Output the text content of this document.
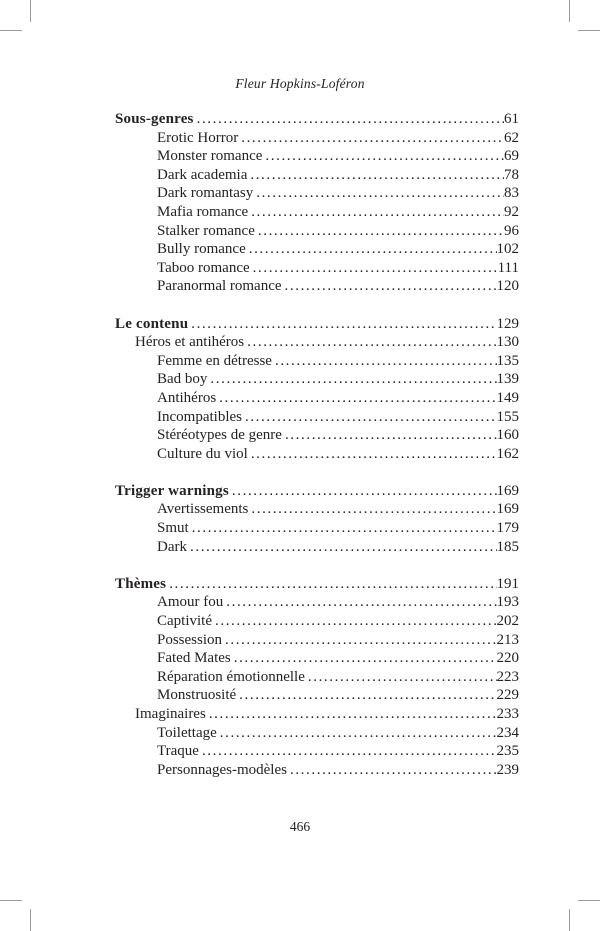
Fleur Hopkins-Loféron
Sous-genres .....	61
Erotic Horror .....	62
Monster romance .....	69
Dark academia .....	78
Dark romantasy .....	83
Mafia romance .....	92
Stalker romance .....	96
Bully romance .....	102
Taboo romance .....	111
Paranormal romance .....	120
Le contenu .....	129
Héros et antihéros .....	130
Femme en détresse .....	135
Bad boy .....	139
Antihéros .....	149
Incompatibles .....	155
Stéréotypes de genre .....	160
Culture du viol .....	162
Trigger warnings .....	169
Avertissements .....	169
Smut .....	179
Dark .....	185
Thèmes .....	191
Amour fou .....	193
Captivité .....	202
Possession .....	213
Fated Mates .....	220
Réparation émotionnelle .....	223
Monstruosité .....	229
Imaginaires .....	233
Toilettage .....	234
Traque .....	235
Personnages-modèles .....	239
466
